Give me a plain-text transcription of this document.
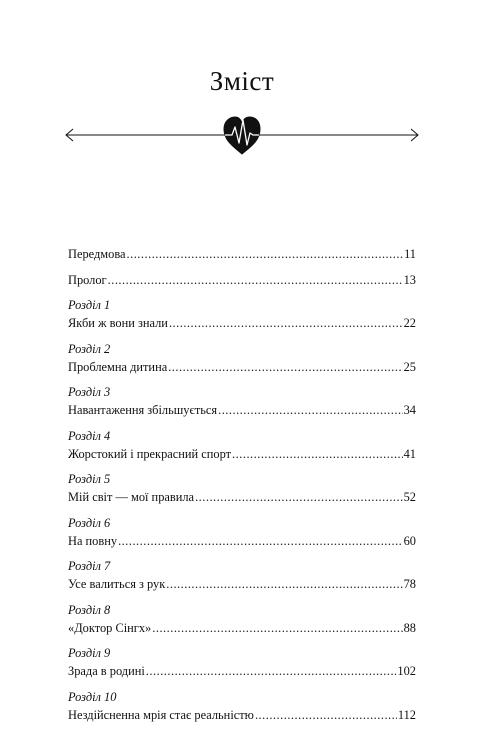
Зміст
Передмова .....	11
Пролог .....	13
Розділ 1
Якби ж вони знали .....	22
Розділ 2
Проблемна дитина .....	25
Розділ 3
Навантаження збільшується .....	34
Розділ 4
Жорстокий і прекрасний спорт .....	41
Розділ 5
Мій світ — мої правила .....	52
Розділ 6
На повну .....	60
Розділ 7
Усе валиться з рук .....	78
Розділ 8
«Доктор Сінгх» .....	88
Розділ 9
Зрада в родині .....	102
Розділ 10
Нездійсненна мрія стає реальністю .....	112
